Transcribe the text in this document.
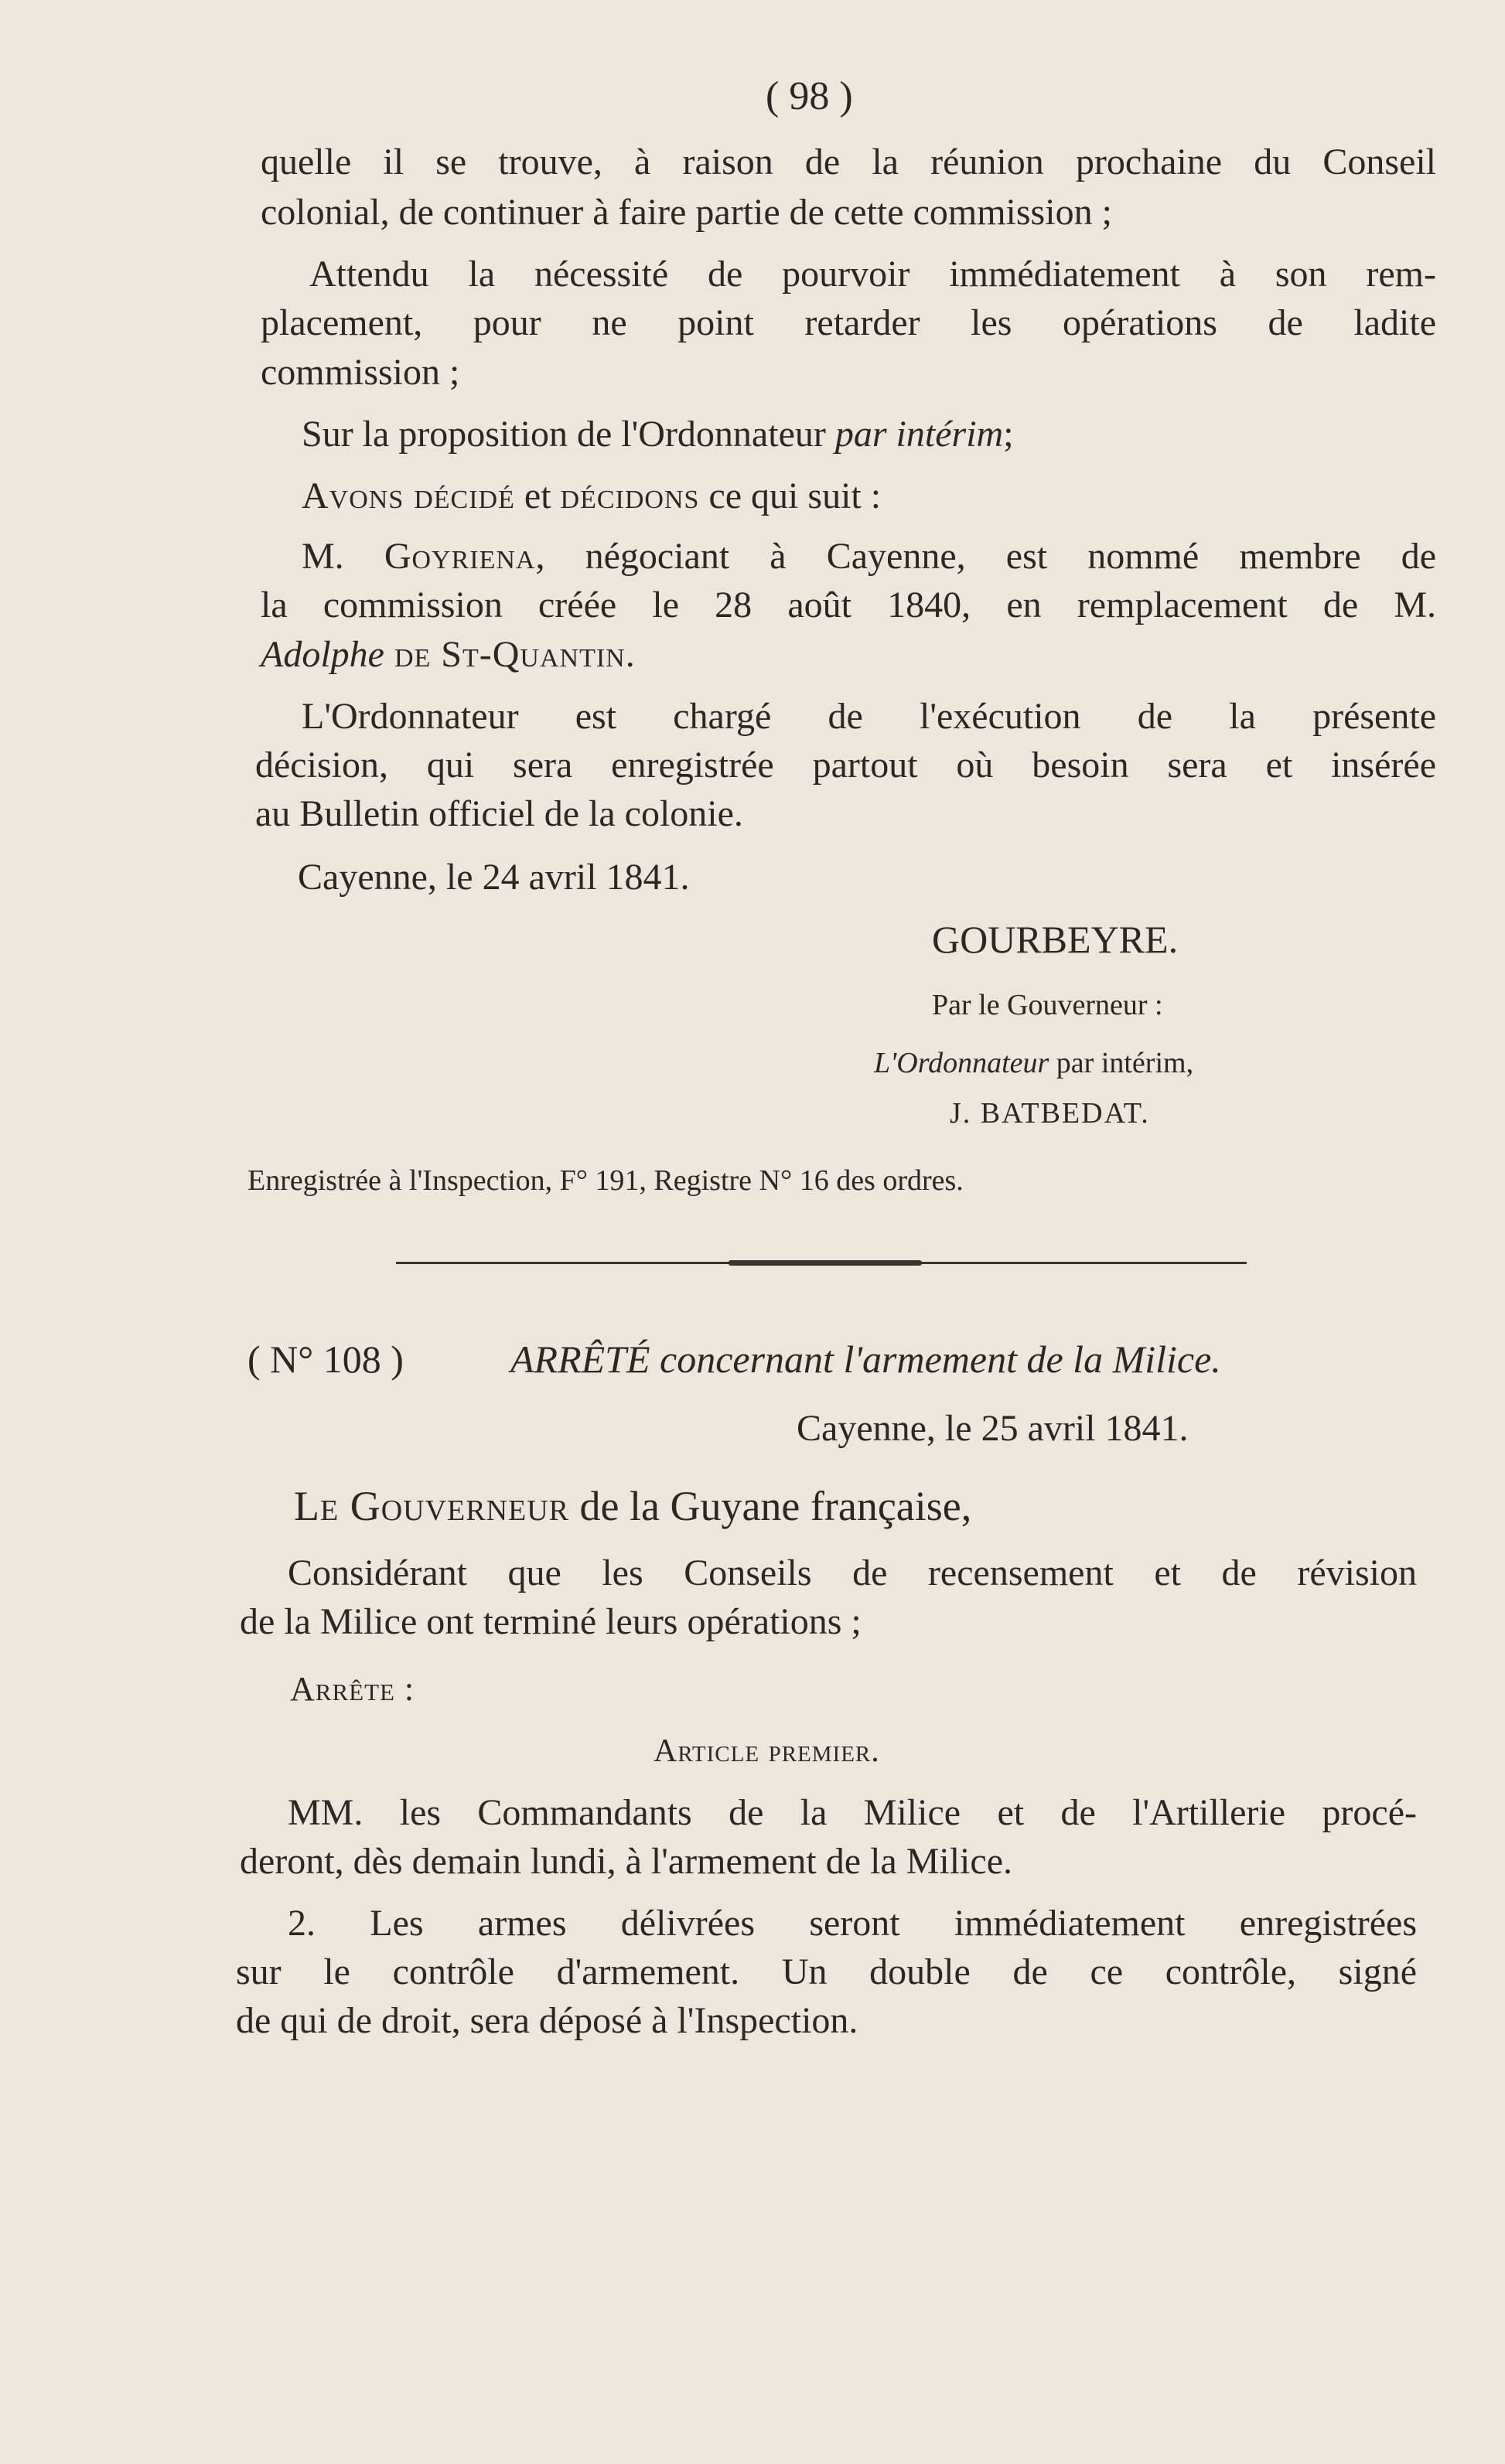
( 98 )
quelle il se trouve, à raison de la réunion prochaine du Conseil
colonial, de continuer à faire partie de cette commission ;
Attendu la nécessité de pourvoir immédiatement à son rem-
placement, pour ne point retarder les opérations de ladite
commission ;
Sur la proposition de l'Ordonnateur par intérim;
Avons décidé et décidons ce qui suit :
M. Goyriena, négociant à Cayenne, est nommé membre de
la commission créée le 28 août 1840, en remplacement de M.
Adolphe de St-Quantin.
L'Ordonnateur est chargé de l'exécution de la présente
décision, qui sera enregistrée partout où besoin sera et insérée
au Bulletin officiel de la colonie.
Cayenne, le 24 avril 1841.
GOURBEYRE.
Par le Gouverneur :
L'Ordonnateur par intérim,
J. BATBEDAT.
Enregistrée à l'Inspection, F° 191, Registre N° 16 des ordres.
( N° 108 )	ARRÊTÉ concernant l'armement de la Milice.
Cayenne, le 25 avril 1841.
Le Gouverneur de la Guyane française,
Considérant que les Conseils de recensement et de révision
de la Milice ont terminé leurs opérations ;
Arrête :
Article premier.
MM. les Commandants de la Milice et de l'Artillerie procé-
deront, dès demain lundi, à l'armement de la Milice.
2. Les armes délivrées seront immédiatement enregistrées
sur le contrôle d'armement. Un double de ce contrôle, signé
de qui de droit, sera déposé à l'Inspection.
